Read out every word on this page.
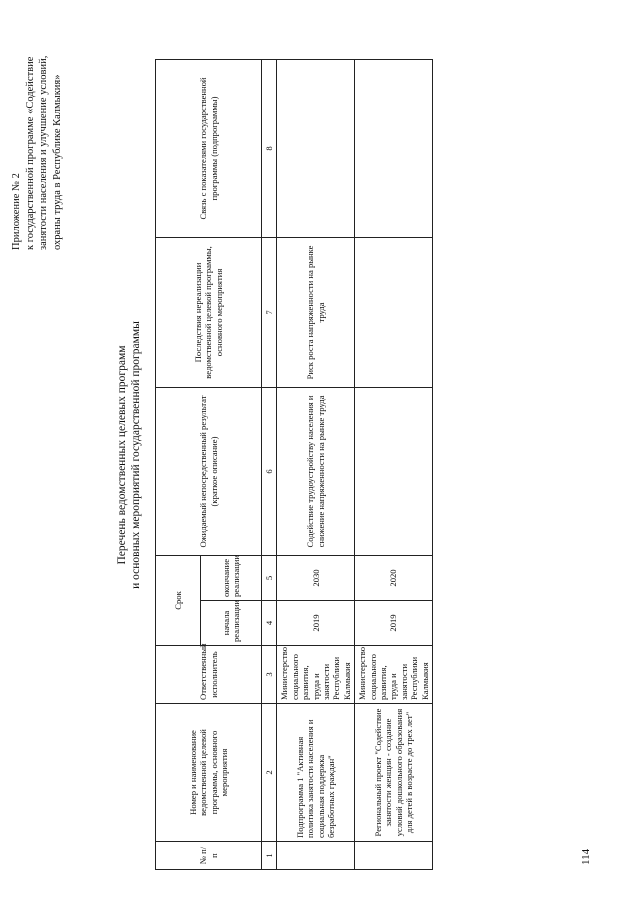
Приложение № 2 к государственной программе «Содействие занятости населения и улучшение условий, охраны труда в Республике Калмыкия»
114
Перечень ведомственных целевых программ и основных мероприятий государственной программы
№ п/п	Номер и наименование ведомственной целевой программы, основного мероприятия	Ответственный исполнитель	Срок		Ожидаемый непосредственный результат (краткое описание)	Последствия нереализации ведомственной целевой программы, основного мероприятия	Связь с показателями государственной программы (подпрограммы)
			начала реализации	окончание реализации			
1	2	3	4	5	6	7	8
	Подпрограмма 1 "Активная политика занятости населения и социальная поддержка безработных граждан"	Министерство социального развития, труда и занятости Республики Калмыкия	2019	2030	Содействие трудоустройству населения и снижение напряженности на рынке труда	Риск роста напряженности на рынке труда	
	Региональный проект "Содействие занятости женщин - создание условий дошкольного образования для детей в возрасте до трех лет"	Министерство социального развития, труда и занятости Республики Калмыкия	2019	2020			
